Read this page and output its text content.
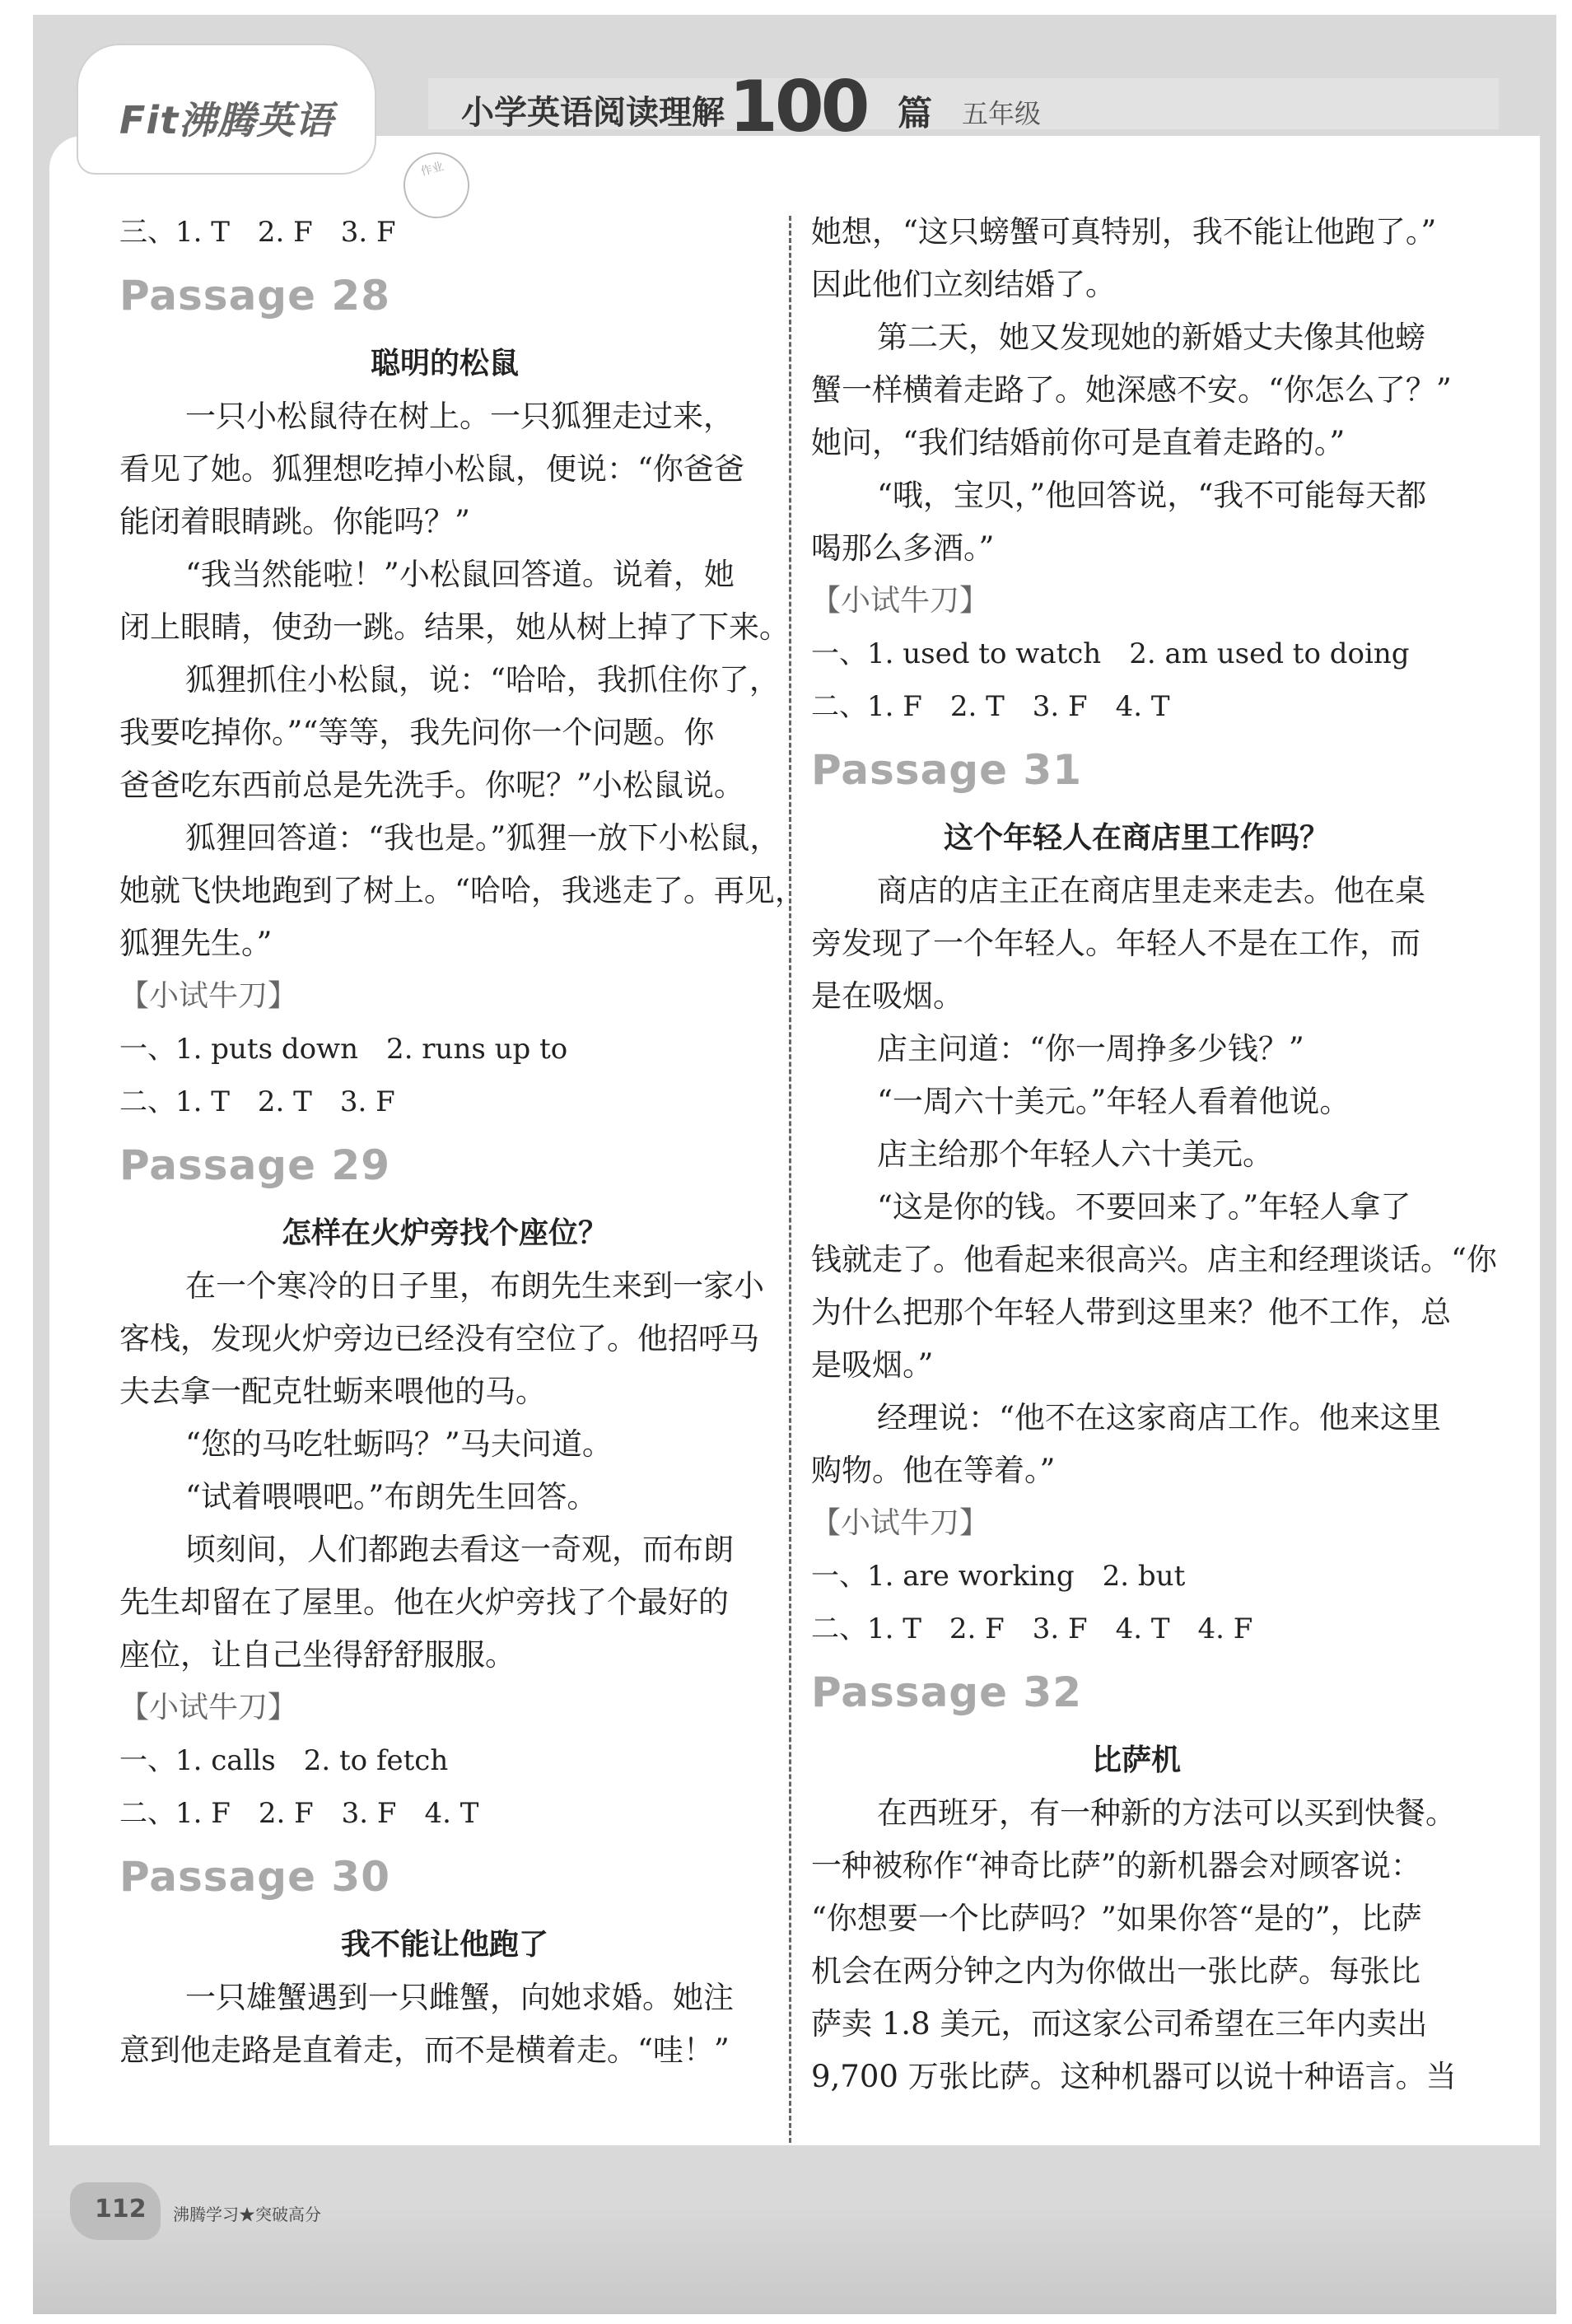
Fit沸腾英语	小学英语阅读理解 100 篇 五年级
作业
三、1. T　2. F　3. F
Passage 28
聪明的松鼠
一只小松鼠待在树上。一只狐狸走过来，
看见了她。狐狸想吃掉小松鼠，便说：“你爸爸
能闭着眼睛跳。你能吗？”
“我当然能啦！”小松鼠回答道。说着，她
闭上眼睛，使劲一跳。结果，她从树上掉了下来。
狐狸抓住小松鼠，说：“哈哈，我抓住你了，
我要吃掉你。”“等等，我先问你一个问题。你
爸爸吃东西前总是先洗手。你呢？”小松鼠说。
狐狸回答道：“我也是。”狐狸一放下小松鼠，
她就飞快地跑到了树上。“哈哈，我逃走了。再见，
狐狸先生。”
【小试牛刀】
一、1. puts down　2. runs up to
二、1. T　2. T　3. F
Passage 29
怎样在火炉旁找个座位？
在一个寒冷的日子里，布朗先生来到一家小
客栈，发现火炉旁边已经没有空位了。他招呼马
夫去拿一配克牡蛎来喂他的马。
“您的马吃牡蛎吗？”马夫问道。
“试着喂喂吧。”布朗先生回答。
顷刻间，人们都跑去看这一奇观，而布朗
先生却留在了屋里。他在火炉旁找了个最好的
座位，让自己坐得舒舒服服。
【小试牛刀】
一、1. calls　2. to fetch
二、1. F　2. F　3. F　4. T
Passage 30
我不能让他跑了
一只雄蟹遇到一只雌蟹，向她求婚。她注
意到他走路是直着走，而不是横着走。“哇！”
她想，“这只螃蟹可真特别，我不能让他跑了。”
因此他们立刻结婚了。
第二天，她又发现她的新婚丈夫像其他螃
蟹一样横着走路了。她深感不安。“你怎么了？”
她问，“我们结婚前你可是直着走路的。”
“哦，宝贝，”他回答说，“我不可能每天都
喝那么多酒。”
【小试牛刀】
一、1. used to watch　2. am used to doing
二、1. F　2. T　3. F　4. T
Passage 31
这个年轻人在商店里工作吗？
商店的店主正在商店里走来走去。他在桌
旁发现了一个年轻人。年轻人不是在工作，而
是在吸烟。
店主问道：“你一周挣多少钱？”
“一周六十美元。”年轻人看着他说。
店主给那个年轻人六十美元。
“这是你的钱。不要回来了。”年轻人拿了
钱就走了。他看起来很高兴。店主和经理谈话。“你
为什么把那个年轻人带到这里来？他不工作，总
是吸烟。”
经理说：“他不在这家商店工作。他来这里
购物。他在等着。”
【小试牛刀】
一、1. are working　2. but
二、1. T　2. F　3. F　4. T　4. F
Passage 32
比萨机
在西班牙，有一种新的方法可以买到快餐。
一种被称作“神奇比萨”的新机器会对顾客说：
“你想要一个比萨吗？”如果你答“是的”，比萨
机会在两分钟之内为你做出一张比萨。每张比
萨卖 1.8 美元，而这家公司希望在三年内卖出
9,700 万张比萨。这种机器可以说十种语言。当
112 沸腾学习★突破高分
